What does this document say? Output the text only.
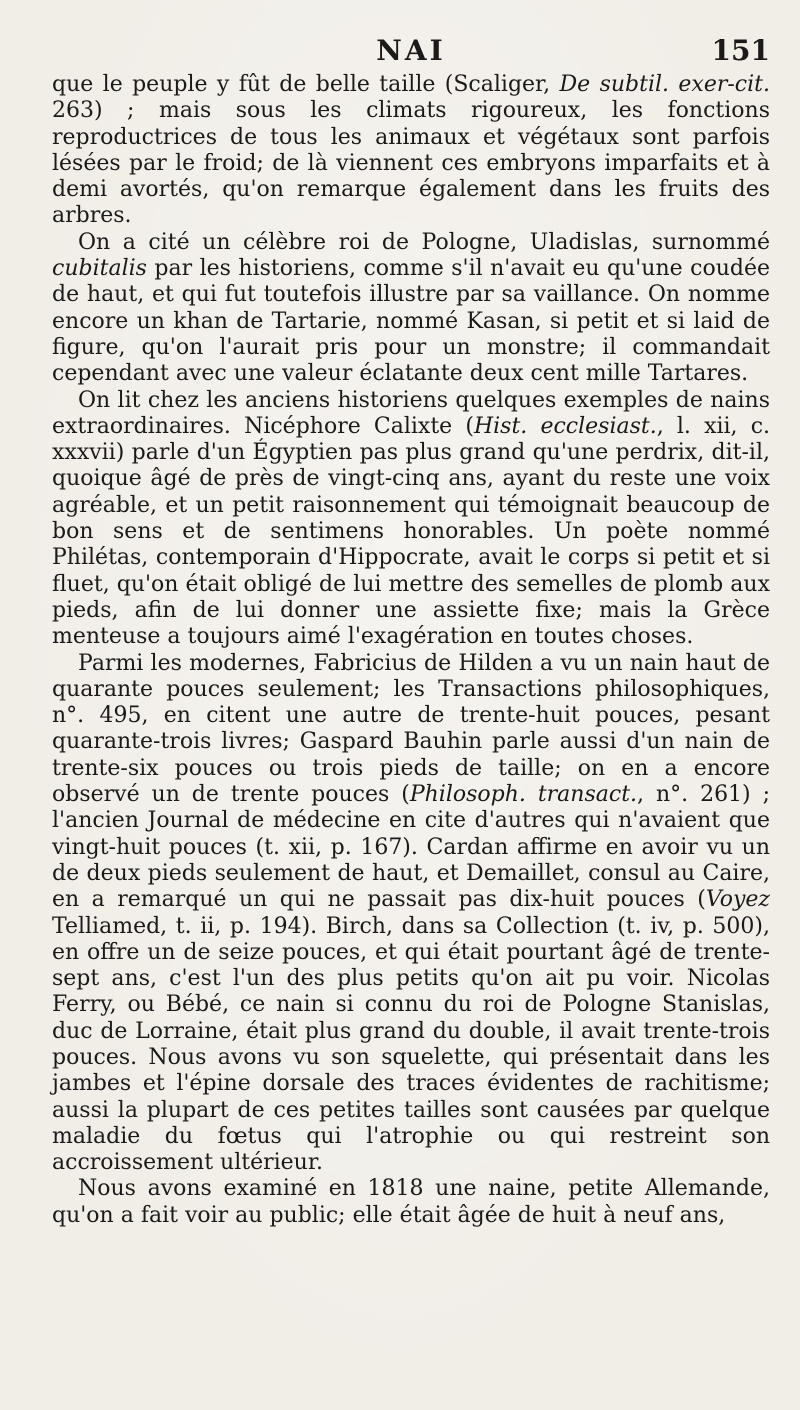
NAI	151

que le peuple y fût de belle taille (Scaliger, De subtil. exer-cit. 263) ; mais sous les climats rigoureux, les fonctions reproductrices de tous les animaux et végétaux sont parfois lésées par le froid; de là viennent ces embryons imparfaits et à demi avortés, qu'on remarque également dans les fruits des arbres.

On a cité un célèbre roi de Pologne, Uladislas, surnommé cubitalis par les historiens, comme s'il n'avait eu qu'une coudée de haut, et qui fut toutefois illustre par sa vaillance. On nomme encore un khan de Tartarie, nommé Kasan, si petit et si laid de figure, qu'on l'aurait pris pour un monstre; il commandait cependant avec une valeur éclatante deux cent mille Tartares.

On lit chez les anciens historiens quelques exemples de nains extraordinaires. Nicéphore Calixte (Hist. ecclesiast., l. xii, c. xxxvii) parle d'un Égyptien pas plus grand qu'une perdrix, dit-il, quoique âgé de près de vingt-cinq ans, ayant du reste une voix agréable, et un petit raisonnement qui témoignait beaucoup de bon sens et de sentimens honorables. Un poète nommé Philétas, contemporain d'Hippocrate, avait le corps si petit et si fluet, qu'on était obligé de lui mettre des semelles de plomb aux pieds, afin de lui donner une assiette fixe; mais la Grèce menteuse a toujours aimé l'exagération en toutes choses.

Parmi les modernes, Fabricius de Hilden a vu un nain haut de quarante pouces seulement; les Transactions philosophiques, n°. 495, en citent une autre de trente-huit pouces, pesant quarante-trois livres; Gaspard Bauhin parle aussi d'un nain de trente-six pouces ou trois pieds de taille; on en a encore observé un de trente pouces (Philosoph. transact., n°. 261) ; l'ancien Journal de médecine en cite d'autres qui n'avaient que vingt-huit pouces (t. xii, p. 167). Cardan affirme en avoir vu un de deux pieds seulement de haut, et Demaillet, consul au Caire, en a remarqué un qui ne passait pas dix-huit pouces (Voyez Telliamed, t. ii, p. 194). Birch, dans sa Collection (t. iv, p. 500), en offre un de seize pouces, et qui était pourtant âgé de trente-sept ans, c'est l'un des plus petits qu'on ait pu voir. Nicolas Ferry, ou Bébé, ce nain si connu du roi de Pologne Stanislas, duc de Lorraine, était plus grand du double, il avait trente-trois pouces. Nous avons vu son squelette, qui présentait dans les jambes et l'épine dorsale des traces évidentes de rachitisme; aussi la plupart de ces petites tailles sont causées par quelque maladie du fœtus qui l'atrophie ou qui restreint son accroissement ultérieur.

Nous avons examiné en 1818 une naine, petite Allemande, qu'on a fait voir au public; elle était âgée de huit à neuf ans,
